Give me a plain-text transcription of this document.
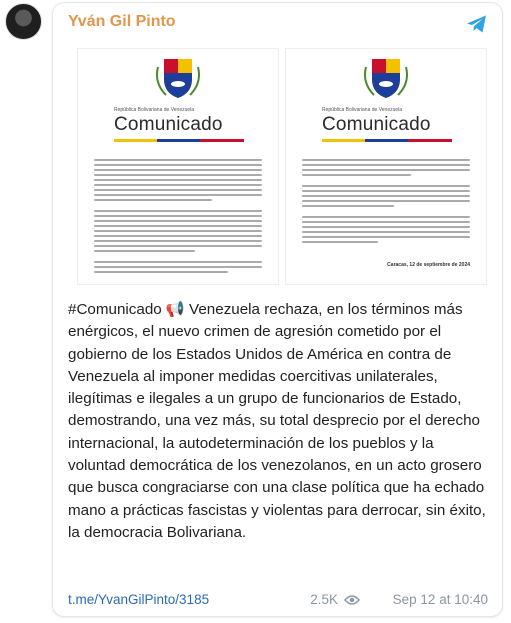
Yván Gil Pinto
República Bolivariana de Venezuela
Comunicado
República Bolivariana de Venezuela
Comunicado
Caracas, 12 de septiembre de 2024
#Comunicado 📢 Venezuela rechaza, en los términos más enérgicos, el nuevo crimen de agresión cometido por el gobierno de los Estados Unidos de América en contra de Venezuela al imponer medidas coercitivas unilaterales, ilegítimas e ilegales a un grupo de funcionarios de Estado, demostrando, una vez más, su total desprecio por el derecho internacional, la autodeterminación de los pueblos y la voluntad democrática de los venezolanos, en un acto grosero que busca congraciarse con una clase política que ha echado mano a prácticas fascistas y violentas para derrocar, sin éxito, la democracia Bolivariana.
t.me/YvanGilPinto/3185	2.5K	Sep 12 at 10:40
